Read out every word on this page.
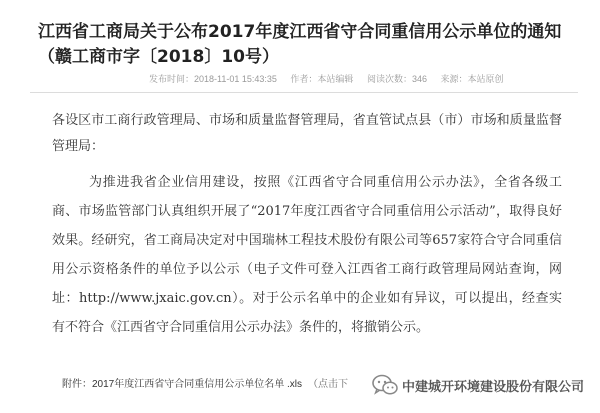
江西省工商局关于公布2017年度江西省守合同重信用公示单位的通知（赣工商市字〔2018〕10号）
发布时间：2018-11-01 15:43:35 作者：本站编辑 阅读次数：346 来源：本站原创

各设区市工商行政管理局、市场和质量监督管理局，省直管试点县（市）市场和质量监督管理局：

为推进我省企业信用建设，按照《江西省守合同重信用公示办法》，全省各级工商、市场监管部门认真组织开展了“2017年度江西省守合同重信用公示活动”，取得良好效果。经研究，省工商局决定对中国瑞林工程技术股份有限公司等657家符合守合同重信用公示资格条件的单位予以公示（电子文件可登入江西省工商行政管理局网站查询，网址：http://www.jxaic.gov.cn）。对于公示名单中的企业如有异议，可以提出，经查实有不符合《江西省守合同重信用公示办法》条件的，将撤销公示。

附件：2017年度江西省守合同重信用公示单位名单 .xls （点击下	中建城开环境建设股份有限公司
